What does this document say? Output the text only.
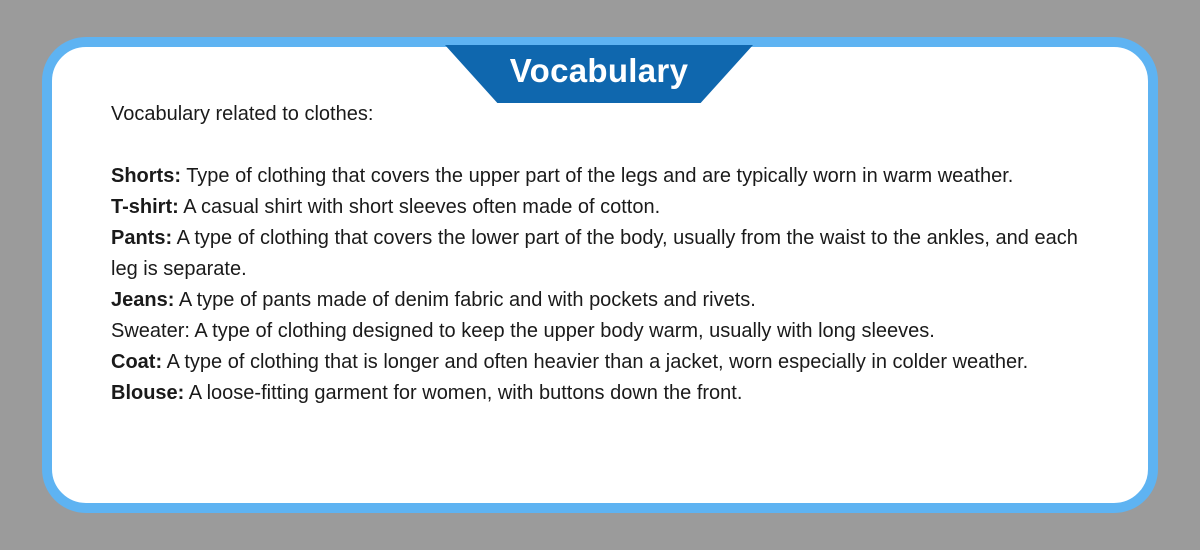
Vocabulary

Vocabulary related to clothes:

Shorts: Type of clothing that covers the upper part of the legs and are typically worn in warm weather.

T-shirt: A casual shirt with short sleeves often made of cotton.

Pants: A type of clothing that covers the lower part of the body, usually from the waist to the ankles, and each leg is separate.

Jeans: A type of pants made of denim fabric and with pockets and rivets.

Sweater: A type of clothing designed to keep the upper body warm, usually with long sleeves.

Coat: A type of clothing that is longer and often heavier than a jacket, worn especially in colder weather.

Blouse: A loose-fitting garment for women, with buttons down the front.
